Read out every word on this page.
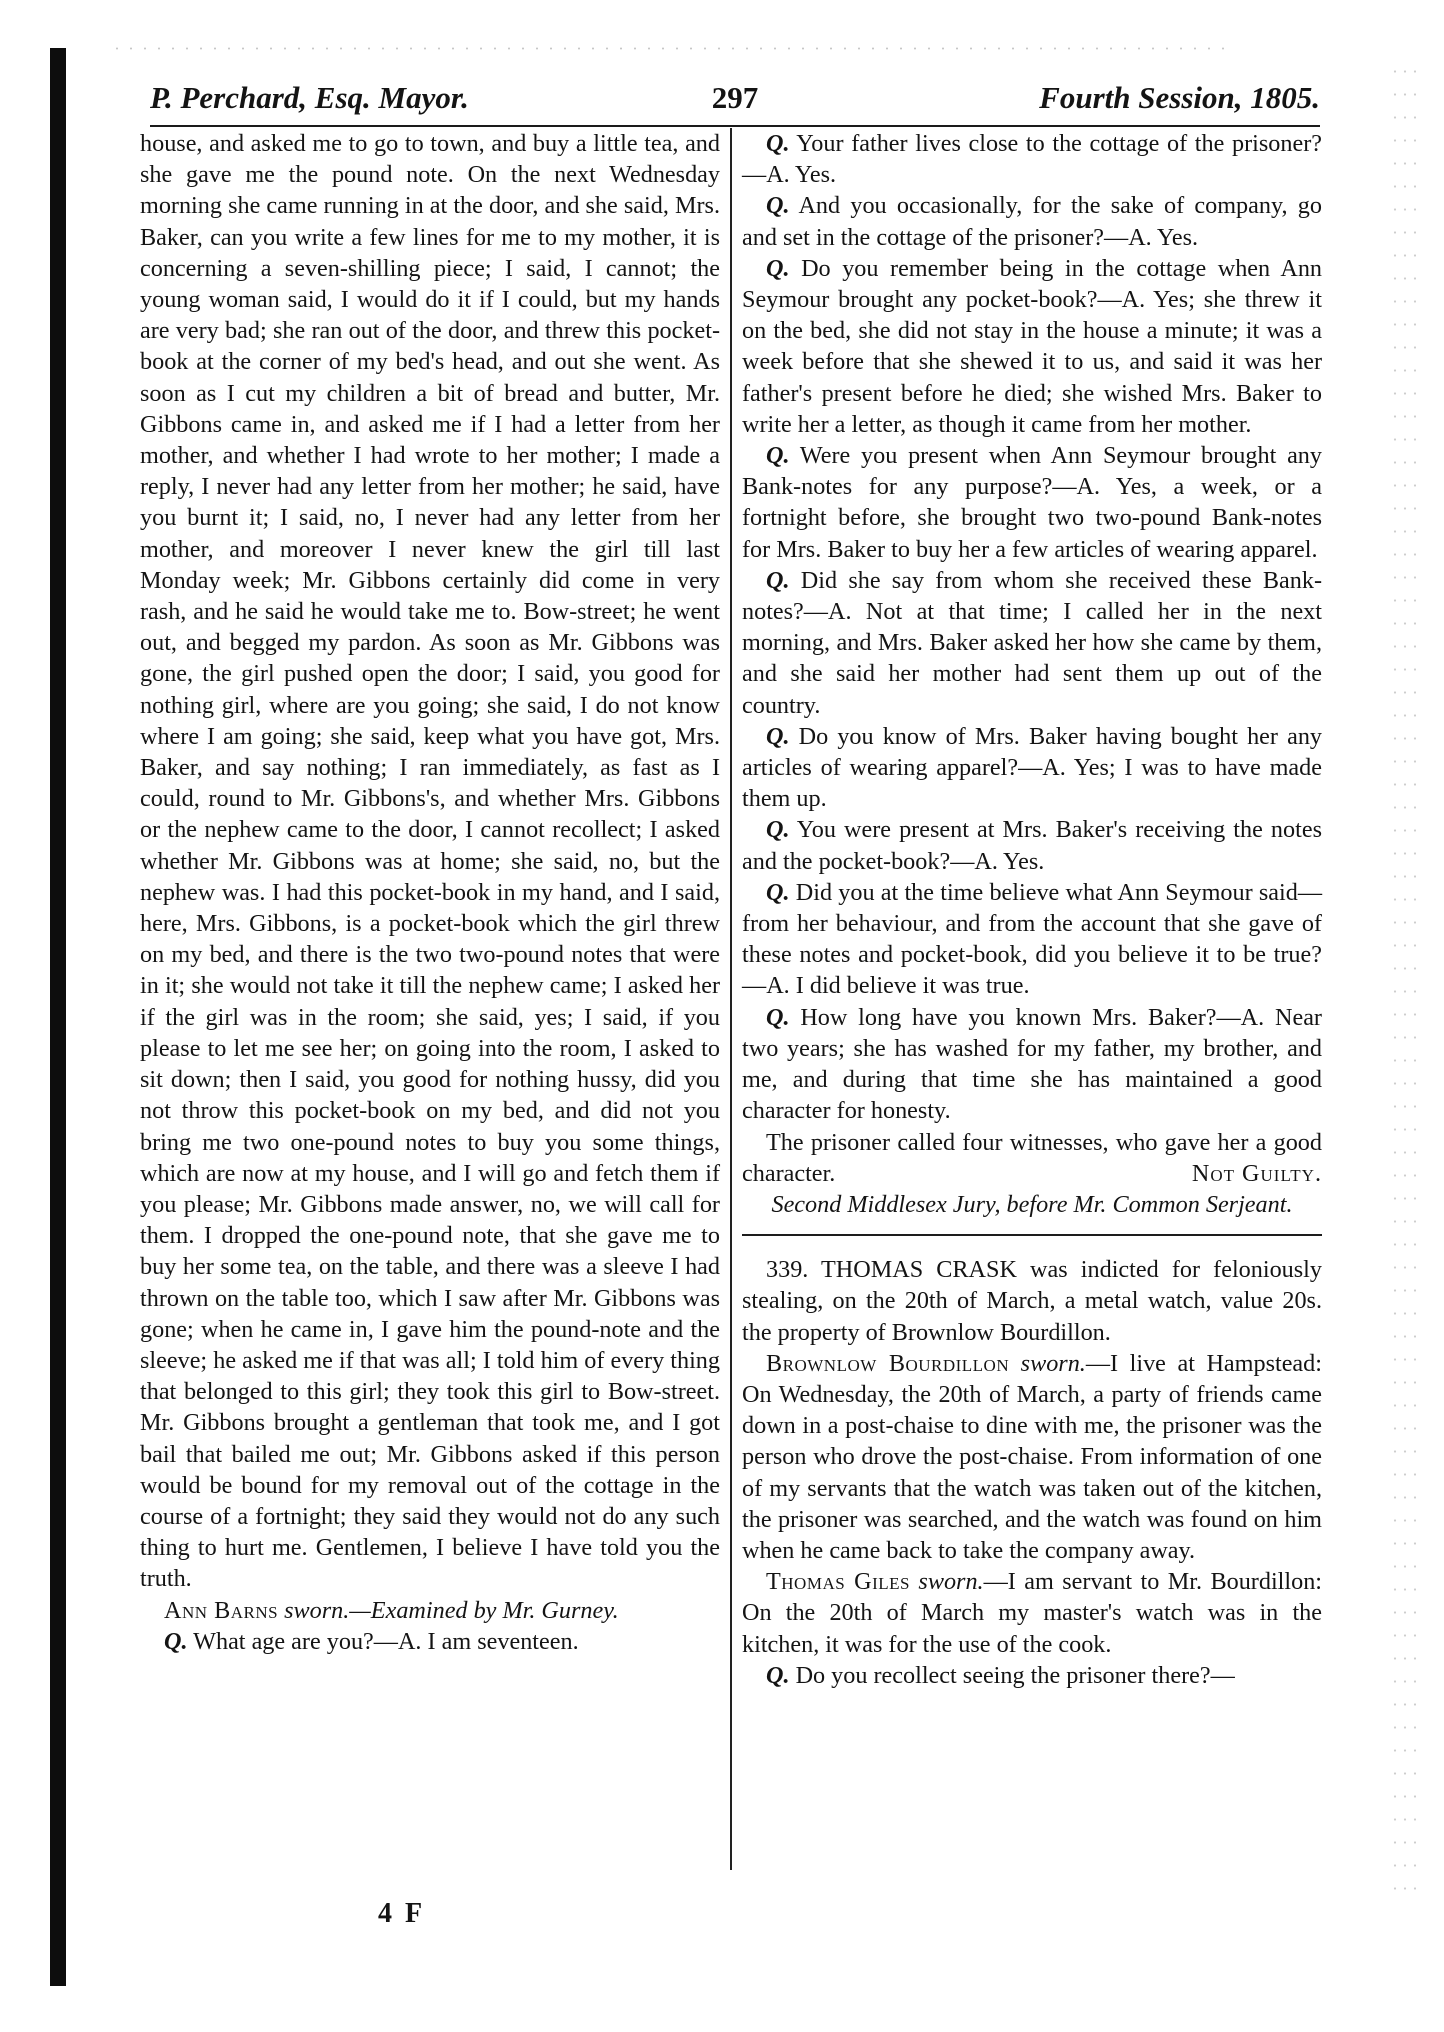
P. Perchard, Esq. Mayor.	297	Fourth Session, 1805.

house, and asked me to go to town, and buy a little tea, and she gave me the pound note. On the next Wednesday morning she came running in at the door, and she said, Mrs. Baker, can you write a few lines for me to my mother, it is concerning a seven-shilling piece; I said, I cannot; the young woman said, I would do it if I could, but my hands are very bad; she ran out of the door, and threw this pocket-book at the corner of my bed's head, and out she went. As soon as I cut my children a bit of bread and butter, Mr. Gibbons came in, and asked me if I had a letter from her mother, and whether I had wrote to her mother; I made a reply, I never had any letter from her mother; he said, have you burnt it; I said, no, I never had any letter from her mother, and moreover I never knew the girl till last Monday week; Mr. Gibbons certainly did come in very rash, and he said he would take me to. Bow-street; he went out, and begged my pardon. As soon as Mr. Gibbons was gone, the girl pushed open the door; I said, you good for nothing girl, where are you going; she said, I do not know where I am going; she said, keep what you have got, Mrs. Baker, and say nothing; I ran immediately, as fast as I could, round to Mr. Gibbons's, and whether Mrs. Gibbons or the nephew came to the door, I cannot recollect; I asked whether Mr. Gibbons was at home; she said, no, but the nephew was. I had this pocket-book in my hand, and I said, here, Mrs. Gibbons, is a pocket-book which the girl threw on my bed, and there is the two two-pound notes that were in it; she would not take it till the nephew came; I asked her if the girl was in the room; she said, yes; I said, if you please to let me see her; on going into the room, I asked to sit down; then I said, you good for nothing hussy, did you not throw this pocket-book on my bed, and did not you bring me two one-pound notes to buy you some things, which are now at my house, and I will go and fetch them if you please; Mr. Gibbons made answer, no, we will call for them. I dropped the one-pound note, that she gave me to buy her some tea, on the table, and there was a sleeve I had thrown on the table too, which I saw after Mr. Gibbons was gone; when he came in, I gave him the pound-note and the sleeve; he asked me if that was all; I told him of every thing that belonged to this girl; they took this girl to Bow-street. Mr. Gibbons brought a gentleman that took me, and I got bail that bailed me out; Mr. Gibbons asked if this person would be bound for my removal out of the cottage in the course of a fortnight; they said they would not do any such thing to hurt me. Gentlemen, I believe I have told you the truth.

Ann Barns sworn.—Examined by Mr. Gurney.

Q. What age are you?—A. I am seventeen.

Q. Your father lives close to the cottage of the prisoner?—A. Yes.

Q. And you occasionally, for the sake of company, go and set in the cottage of the prisoner?—A. Yes.

Q. Do you remember being in the cottage when Ann Seymour brought any pocket-book?—A. Yes; she threw it on the bed, she did not stay in the house a minute; it was a week before that she shewed it to us, and said it was her father's present before he died; she wished Mrs. Baker to write her a letter, as though it came from her mother.

Q. Were you present when Ann Seymour brought any Bank-notes for any purpose?—A. Yes, a week, or a fortnight before, she brought two two-pound Bank-notes for Mrs. Baker to buy her a few articles of wearing apparel.

Q. Did she say from whom she received these Bank-notes?—A. Not at that time; I called her in the next morning, and Mrs. Baker asked her how she came by them, and she said her mother had sent them up out of the country.

Q. Do you know of Mrs. Baker having bought her any articles of wearing apparel?—A. Yes; I was to have made them up.

Q. You were present at Mrs. Baker's receiving the notes and the pocket-book?—A. Yes.

Q. Did you at the time believe what Ann Seymour said—from her behaviour, and from the account that she gave of these notes and pocket-book, did you believe it to be true?—A. I did believe it was true.

Q. How long have you known Mrs. Baker?—A. Near two years; she has washed for my father, my brother, and me, and during that time she has maintained a good character for honesty.

The prisoner called four witnesses, who gave her a good character.	Not Guilty.

Second Middlesex Jury, before Mr. Common Serjeant.

339. THOMAS CRASK was indicted for feloniously stealing, on the 20th of March, a metal watch, value 20s. the property of Brownlow Bourdillon.

Brownlow Bourdillon sworn.—I live at Hampstead: On Wednesday, the 20th of March, a party of friends came down in a post-chaise to dine with me, the prisoner was the person who drove the post-chaise. From information of one of my servants that the watch was taken out of the kitchen, the prisoner was searched, and the watch was found on him when he came back to take the company away.

Thomas Giles sworn.—I am servant to Mr. Bourdillon: On the 20th of March my master's watch was in the kitchen, it was for the use of the cook.

Q. Do you recollect seeing the prisoner there?—

4 F
